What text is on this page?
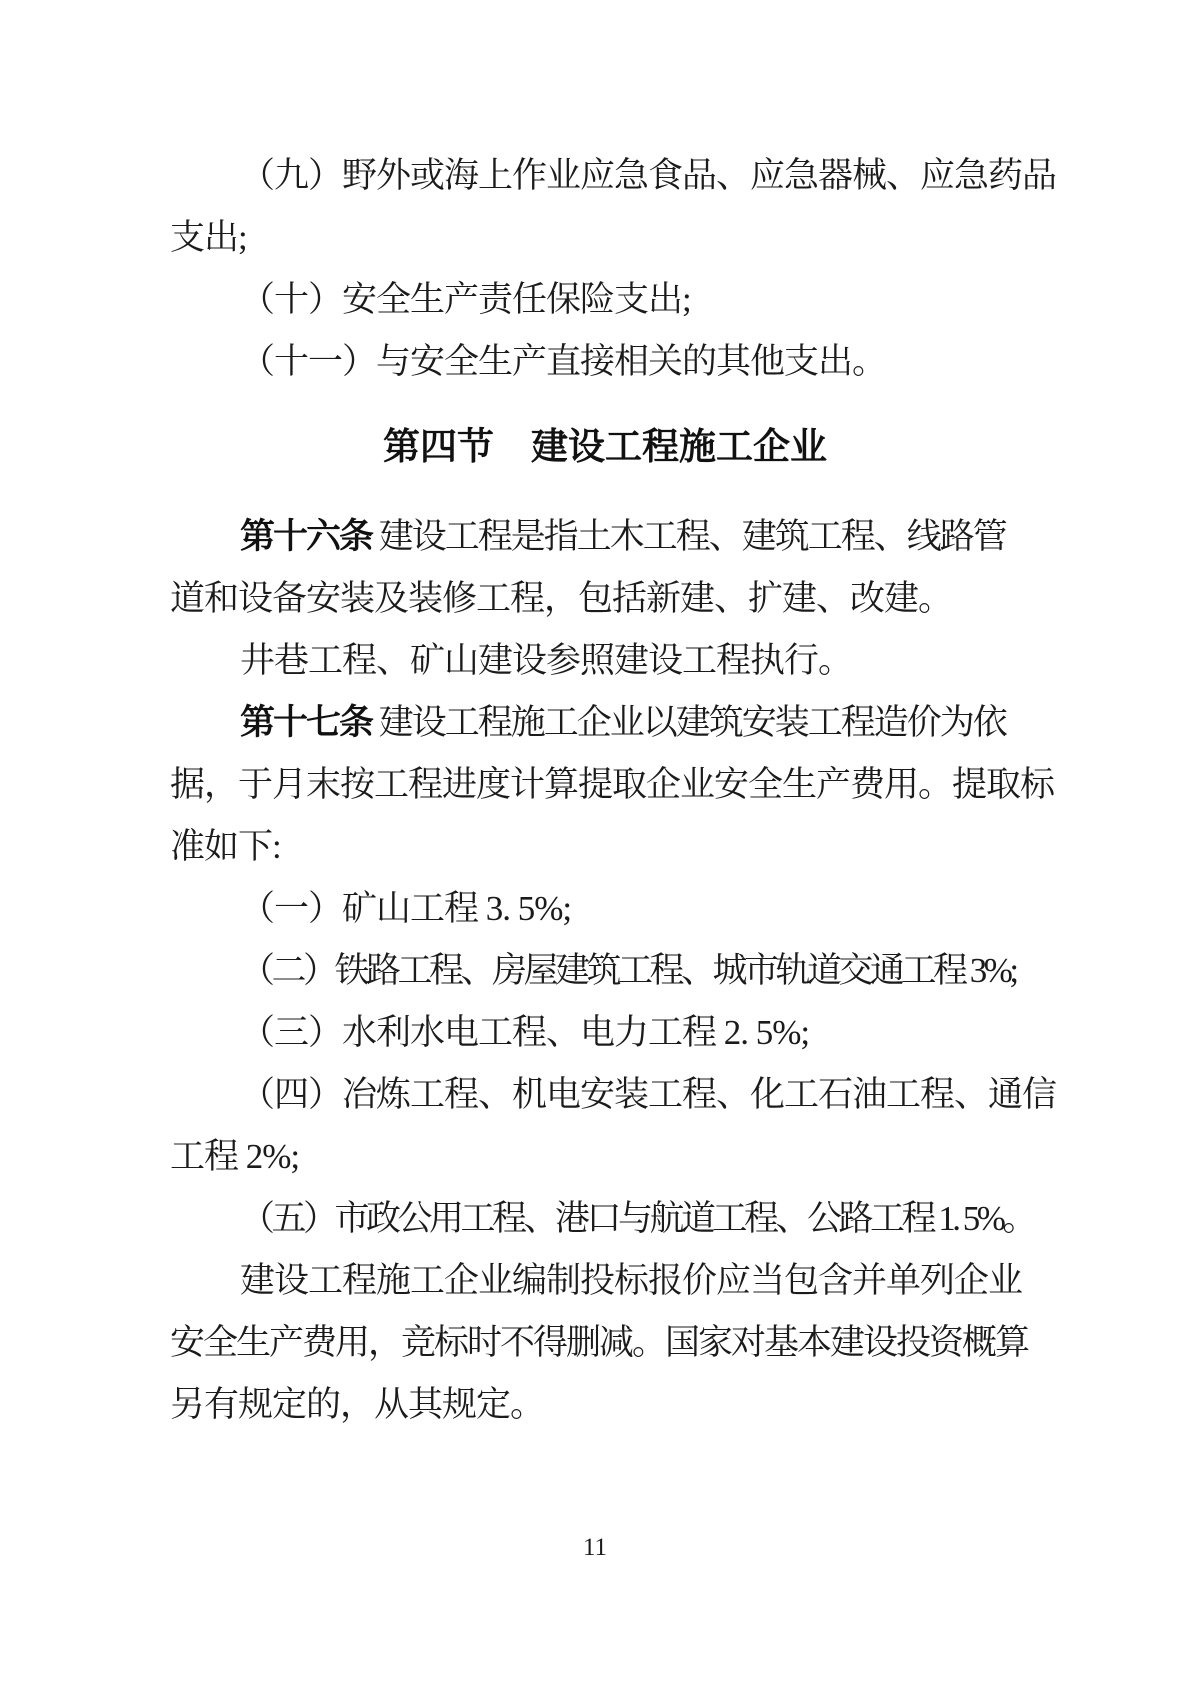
（九）野外或海上作业应急食品、应急器械、应急药品
支出;
（十）安全生产责任保险支出;
（十一）与安全生产直接相关的其他支出。
第四节　建设工程施工企业
第十六条 建设工程是指土木工程、建筑工程、线路管
道和设备安装及装修工程，包括新建、扩建、改建。
井巷工程、矿山建设参照建设工程执行。
第十七条 建设工程施工企业以建筑安装工程造价为依
据，于月末按工程进度计算提取企业安全生产费用。提取标
准如下:
（一）矿山工程 3. 5%;
（二）铁路工程、房屋建筑工程、城市轨道交通工程 3%;
（三）水利水电工程、电力工程 2. 5%;
（四）冶炼工程、机电安装工程、化工石油工程、通信
工程 2%;
（五）市政公用工程、港口与航道工程、公路工程 1. 5%。
建设工程施工企业编制投标报价应当包含并单列企业
安全生产费用，竞标时不得删减。国家对基本建设投资概算
另有规定的，从其规定。
11
